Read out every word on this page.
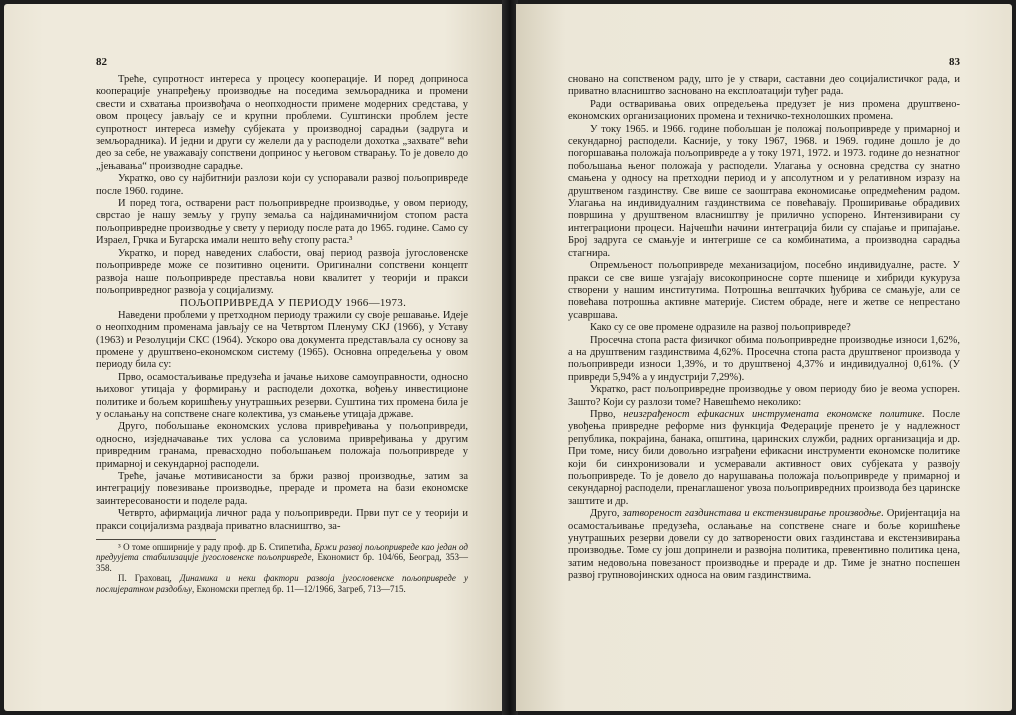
82

Треће, супротност интереса у процесу кооперације. И поред доприноса кооперације унапређењу производње на поседима земљорадника и промени свести и схватања произвођача о неопходности примене модерних средстава, у овом процесу јављају се и крупни проблеми. Суштински проблем јесте супротност интереса између субјеката у производној сарадњи (задруга и земљорадника). И једни и други су желели да у расподели дохотка „захвате“ већи део за себе, не уважавају сопствени допринос у његовом стварању. То је довело до „јењавања“ производне сарадње.

Укратко, ово су најбитнији разлози који су успоравали развој пољопривреде после 1960. године.

И поред тога, остварени раст пољопривредне производње, у овом периоду, сврстао је нашу земљу у групу земаља са најдинамичнијом стопом раста пољопривредне производње у свету у периоду после рата до 1965. године. Само су Израел, Грчка и Бугарска имали нешто већу стопу раста.³

Укратко, и поред наведених слабости, овај период развоја југословенске пољопривреде може се позитивно оценити. Оригинални сопствени концепт развоја наше пољопривреде преставља нови квалитет у теорији и пракси пољопривредног развоја у социјализму.

ПОЉОПРИВРЕДА У ПЕРИОДУ 1966—1973.

Наведени проблеми у претходном периоду тражили су своје решавање. Идеје о неопходним променама јављају се на Четвртом Пленуму СКЈ (1966), у Уставу (1963) и Резолуцији СКС (1964). Ускоро ова документа представљала су основу за промене у друштвено-економском систему (1965). Основна опредељења у овом периоду била су:

Прво, осамостаљивање предузећа и јачање њихове самоуправности, односно њиховог утицаја у формирању и расподели дохотка, вођењу инвестиционе политике и бољем коришћењу унутрашњих резерви. Суштина тих промена била је у ослањању на сопствене снаге колектива, уз смањење утицаја државе.

Друго, побољшање економских услова привређивања у пољопривреди, односно, изједначавање тих услова са условима привређивања у другим привредним гранама, превасходно побољшањем положаја пољопривреде у примарној и секундарној расподели.

Треће, јачање мотивисаности за бржи развој производње, затим за интеграцију повезивање производње, прераде и промета на бази економске заинтересованости и поделе рада.

Четврто, афирмација личног рада у пољопривреди. Први пут се у теорији и пракси социјализма раздваја приватно власништво, за-

³ О томе опширније у раду проф. др Б. Стипетића, Бржи развој пољопривреде као један од предуујета стабилизације југословенске пољопривреде, Економист бр. 104/66, Београд, 353—358.

П. Граховац, Динамика и неки фактори развоја југословенске пољопривреде у послијератном раздобљу, Економски преглед бр. 11—12/1966, Загреб, 713—715.

83

сновано на сопственом раду, што је у ствари, саставни део социјалистичког рада, и приватно власништво засновано на експлоатацији туђег рада.

Ради остваривања ових опредељења предузет је низ промена друштвено-економских организационих промена и техничко-технолошких промена.

У току 1965. и 1966. године побољшан је положај пољопривреде у примарној и секундарној расподели. Касније, у току 1967, 1968. и 1969. године дошло је до погоршавања положаја пољопривреде а у току 1971, 1972. и 1973. године до незнатног побољшања њеног положаја у расподели. Улагања у основна средства су знатно смањена у односу на претходни период и у апсолутном и у релативном изразу на друштвеном газдинству. Све више се заоштрава економисање опредмећеним радом. Улагања на индивидуалним газдинствима се повећавају. Проширивање обрадивих површина у друштвеном власништву је прилично успорено. Интензивирани су интеграциони процеси. Најчешћи начини интеграција били су спајање и припајање. Број задруга се смањује и интегрише се са комбинатима, а производна сарадња стагнира.

Опремљеност пољопривреде механизацијом, посебно индивидуалне, расте. У пракси се све више узгајају високоприносне сорте пшенице и хибриди кукуруза створени у нашим институтима. Потрошња вештачких ђубрива се смањује, али се повећава потрошња активне материје. Систем обраде, неге и жетве се непрестано усавршава.

Како су се ове промене одразиле на развој пољопривреде?

Просечна стопа раста физичког обима пољопривредне производње износи 1,62%, а на друштвеним газдинствима 4,62%. Просечна стопа раста друштвеног производа у пољопривреди износи 1,39%, и то друштвеној 4,37% и индивидуалној 0,61%. (У привреди 5,94% а у индустрији 7,29%).

Укратко, раст пољопривредне производње у овом периоду био је веома успорен. Зашто? Који су разлози томе? Навешћемо неколико:

Прво, неизграђеност ефикасних инструмената економске политике. После увођења привредне реформе низ функција Федерације пренето је у надлежност република, покрајина, банака, општина, царинских служби, радних организација и др. При томе, нису били довољно изграђени ефикасни инструменти економске политике који би синхронизовали и усмеравали активност ових субјеката у развоју пољопривреде. То је довело до нарушавања положаја пољопривреде у примарној и секундарној расподели, пренаглашеног увоза пољопривредних производа без царинске заштите и др.

Друго, затвореност газдинстава и екстензивирање производње. Оријентација на осамостаљивање предузећа, ослањање на сопствене снаге и боље коришћење унутрашњих резерви довели су до затворености ових газдинстава и екстензивирања производње. Томе су још допринели и развојна политика, превентивно политика цена, затим недовољна повезаност производње и прераде и др. Тиме је знатно поспешен развој групновојинских односа на овим газдинствима.
